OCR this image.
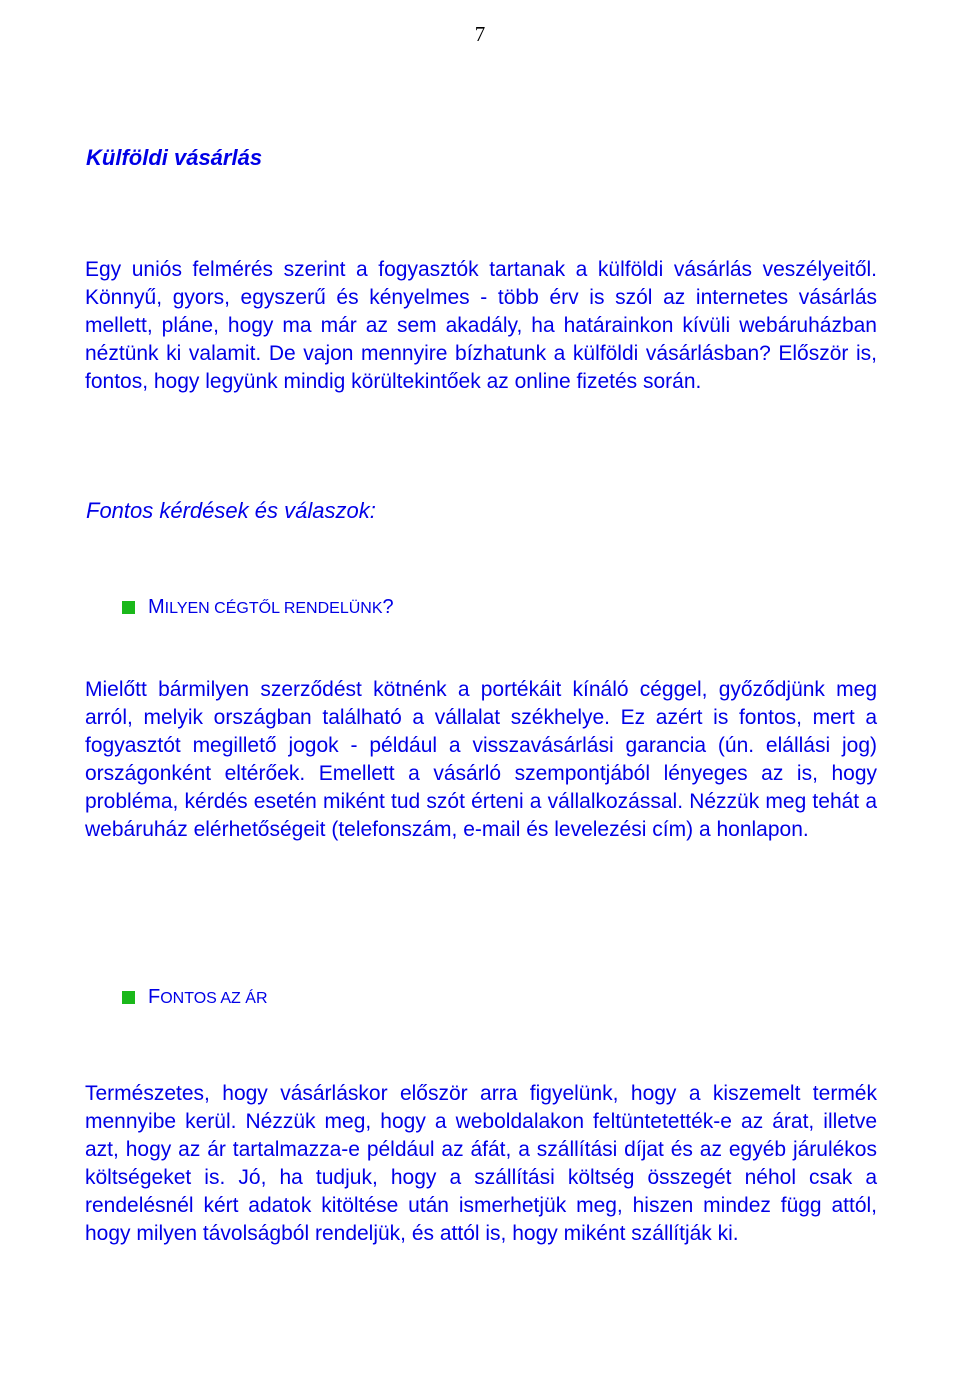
7
Külföldi vásárlás

Egy uniós felmérés szerint a fogyasztók tartanak a külföldi vásárlás veszélyeitől. Könnyű, gyors, egyszerű és kényelmes - több érv is szól az internetes vásárlás mellett, pláne, hogy ma már az sem akadály, ha határainkon kívüli webáruházban néztünk ki valamit. De vajon mennyire bízhatunk a külföldi vásárlásban? Először is, fontos, hogy legyünk mindig körültekintőek az online fizetés során.

Fontos kérdések és válaszok:
MILYEN CÉGTŐL RENDELÜNK?

Mielőtt bármilyen szerződést kötnénk a portékáit kínáló céggel, győződjünk meg arról, melyik országban található a vállalat székhelye. Ez azért is fontos, mert a fogyasztót megillető jogok - például a visszavásárlási garancia (ún. elállási jog) országonként eltérőek. Emellett a vásárló szempontjából lényeges az is, hogy probléma, kérdés esetén miként tud szót érteni a vállalkozással. Nézzük meg tehát a webáruház elérhetőségeit (telefonszám, e-mail és levelezési cím) a honlapon.

FONTOS AZ ÁR

Természetes, hogy vásárláskor először arra figyelünk, hogy a kiszemelt termék mennyibe kerül. Nézzük meg, hogy a weboldalakon feltüntetették-e az árat, illetve azt, hogy az ár tartalmazza-e például az áfát, a szállítási díjat és az egyéb járulékos költségeket is. Jó, ha tudjuk, hogy a szállítási költség összegét néhol csak a rendelésnél kért adatok kitöltése után ismerhetjük meg, hiszen mindez függ attól, hogy milyen távolságból rendeljük, és attól is, hogy miként szállítják ki.
